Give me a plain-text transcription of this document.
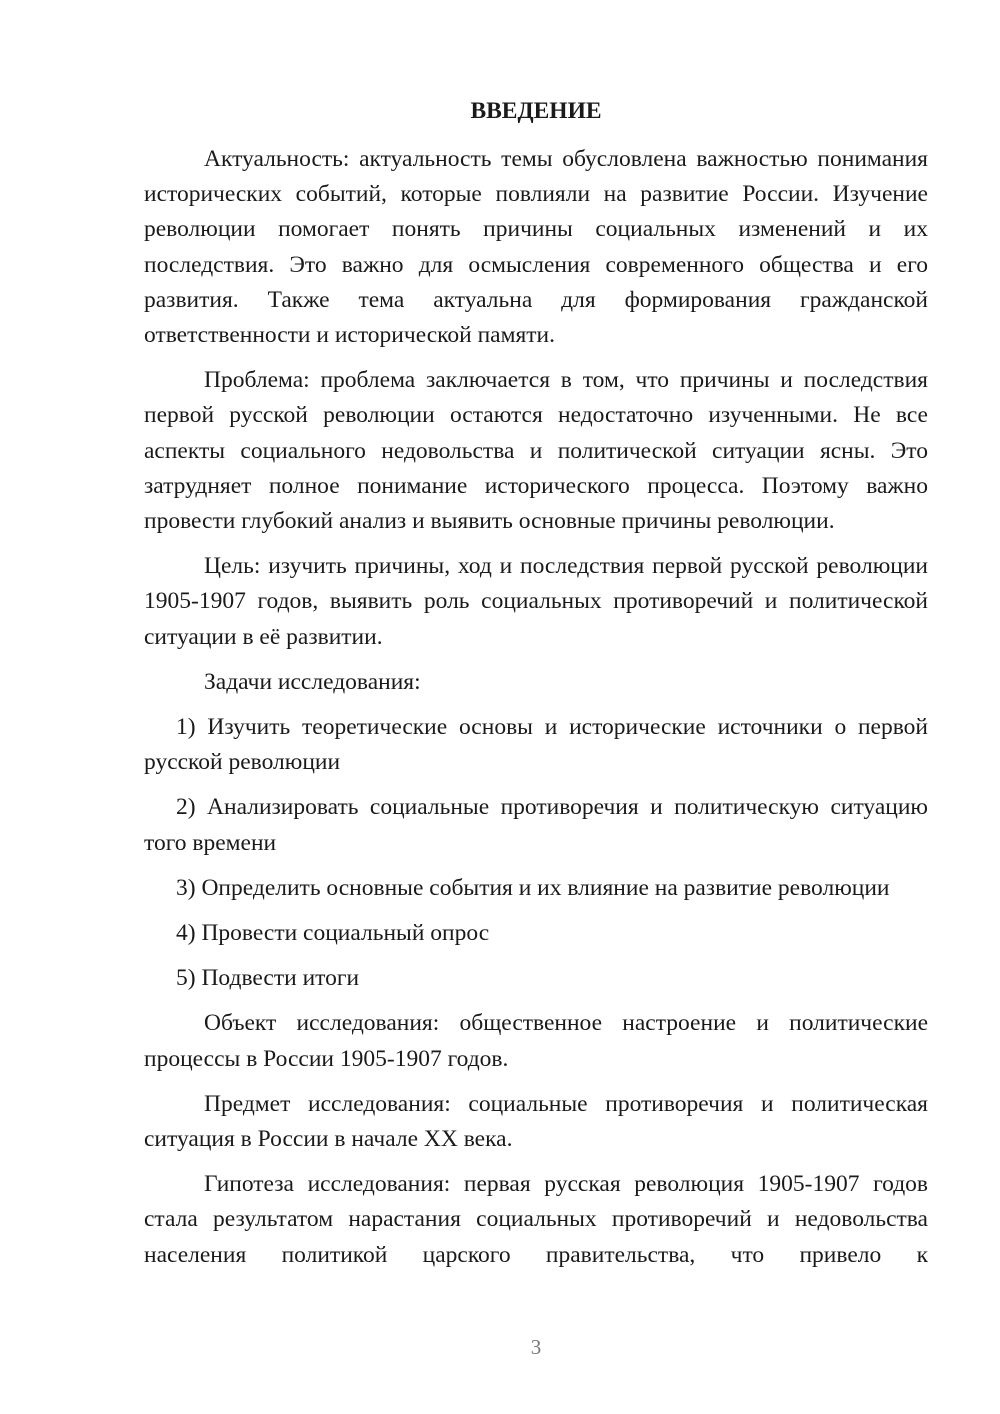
ВВЕДЕНИЕ

Актуальность: актуальность темы обусловлена важностью понимания исторических событий, которые повлияли на развитие России. Изучение революции помогает понять причины социальных изменений и их последствия. Это важно для осмысления современного общества и его развития. Также тема актуальна для формирования гражданской ответственности и исторической памяти.

Проблема: проблема заключается в том, что причины и последствия первой русской революции остаются недостаточно изученными. Не все аспекты социального недовольства и политической ситуации ясны. Это затрудняет полное понимание исторического процесса. Поэтому важно провести глубокий анализ и выявить основные причины революции.

Цель: изучить причины, ход и последствия первой русской революции 1905-1907 годов, выявить роль социальных противоречий и политической ситуации в её развитии.

Задачи исследования:

1) Изучить теоретические основы и исторические источники о первой русской революции

2) Анализировать социальные противоречия и политическую ситуацию того времени

3) Определить основные события и их влияние на развитие революции

4) Провести социальный опрос

5) Подвести итоги

Объект исследования: общественное настроение и политические процессы в России 1905-1907 годов.

Предмет исследования: социальные противоречия и политическая ситуация в России в начале XX века.

Гипотеза исследования: первая русская революция 1905-1907 годов стала результатом нарастания социальных противоречий и недовольства населения политикой царского правительства, что привело к

3
